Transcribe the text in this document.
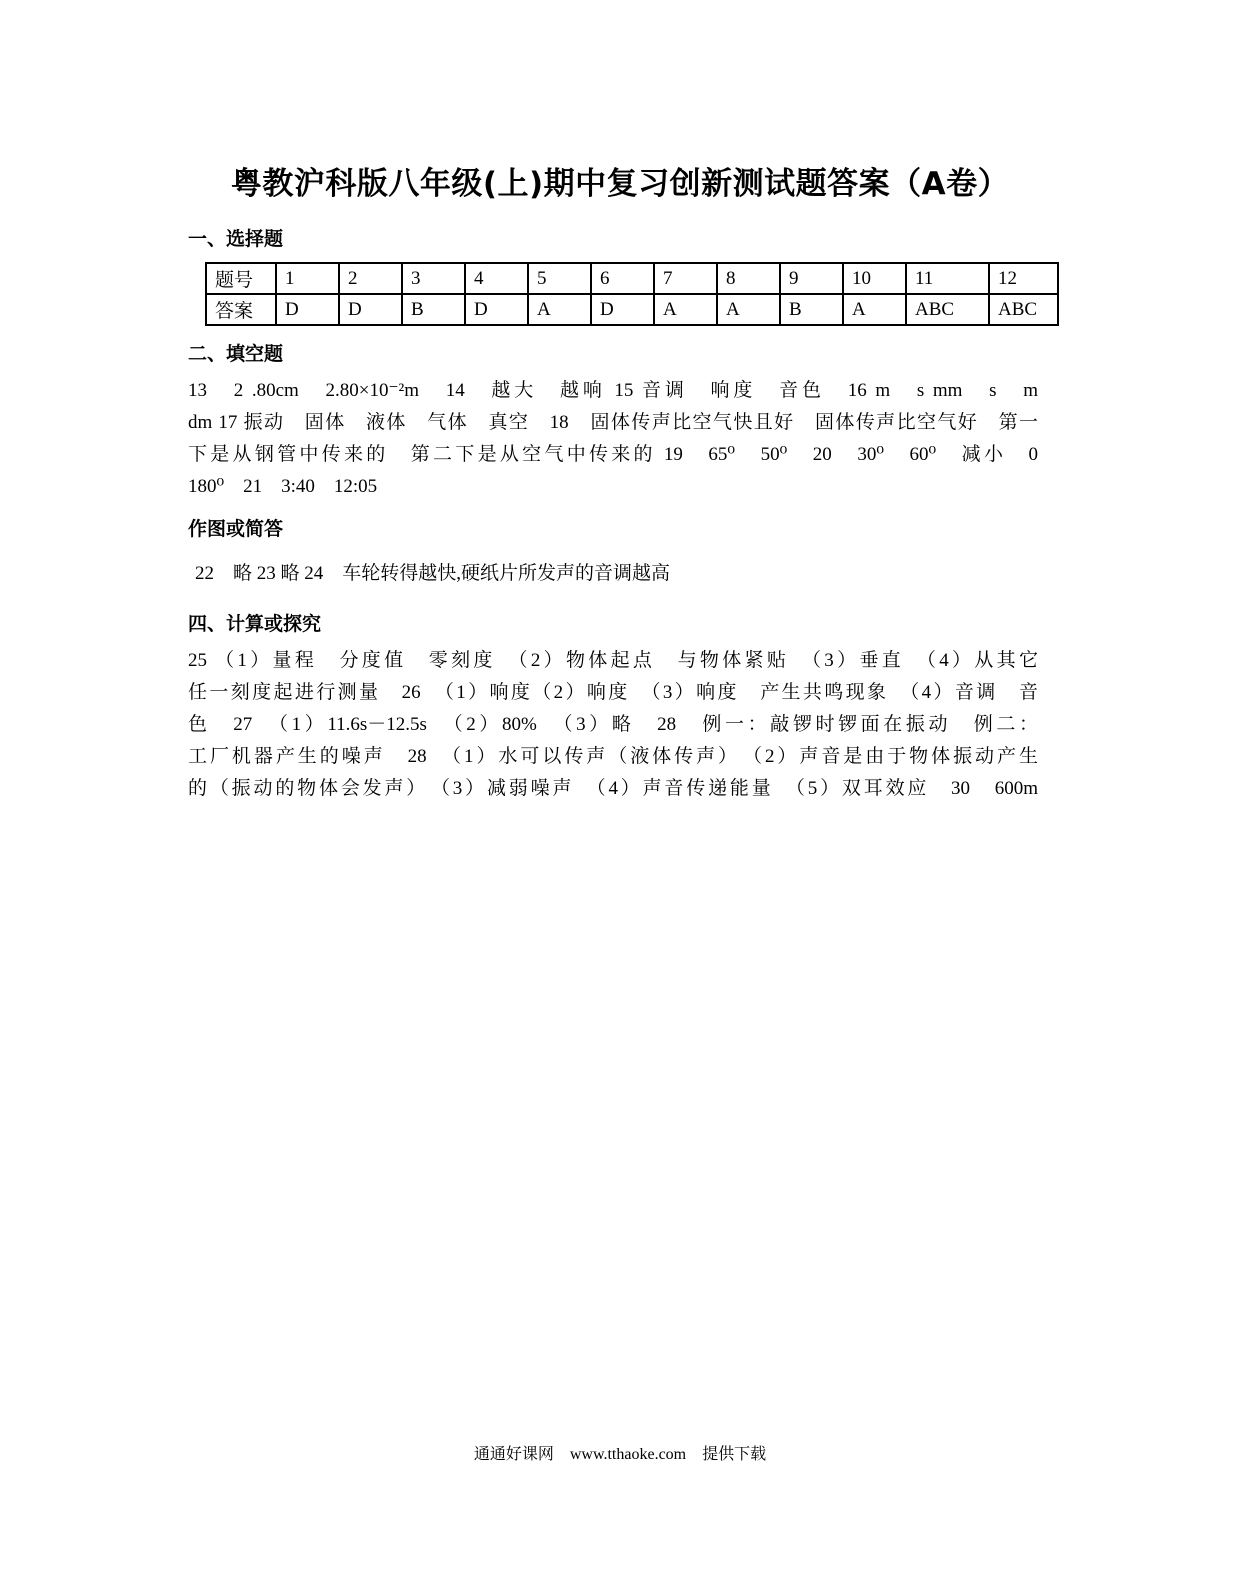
粤教沪科版八年级(上)期中复习创新测试题答案（A卷）
一、选择题
题号	1	2	3	4	5	6	7	8	9	10	11	12
答案	D	D	B	D	A	D	A	A	B	A	ABC	ABC
二、填空题
13　2 .80cm　2.80×10⁻²m　14　越大　越响 15 音调　响度　音色　16 m　s mm　s　m
dm 17 振动　固体　液体　气体　真空　18　固体传声比空气快且好　固体传声比空气好　第一
下是从钢管中传来的　第二下是从空气中传来的 19　65⁰　50⁰　20　30⁰　60⁰　减小　0
180⁰　21　3:40　12:05
作图或简答
22　略 23 略 24　车轮转得越快,硬纸片所发声的音调越高
四、计算或探究
25 （1）量程　分度值　零刻度　（2）物体起点　与物体紧贴　（3）垂直　（4）从其它
任一刻度起进行测量　26　（1）响度（2）响度　（3）响度　产生共鸣现象　（4）音调　音
色　27　（1）11.6s－12.5s　（2）80%　（3）略　28　例一：敲锣时锣面在振动　例二：
工厂机器产生的噪声　28　（1）水可以传声（液体传声）　（2）声音是由于物体振动产生
的（振动的物体会发声）　（3）减弱噪声　（4）声音传递能量　（5）双耳效应　30　600m
通通好课网　www.tthaoke.com　提供下载
